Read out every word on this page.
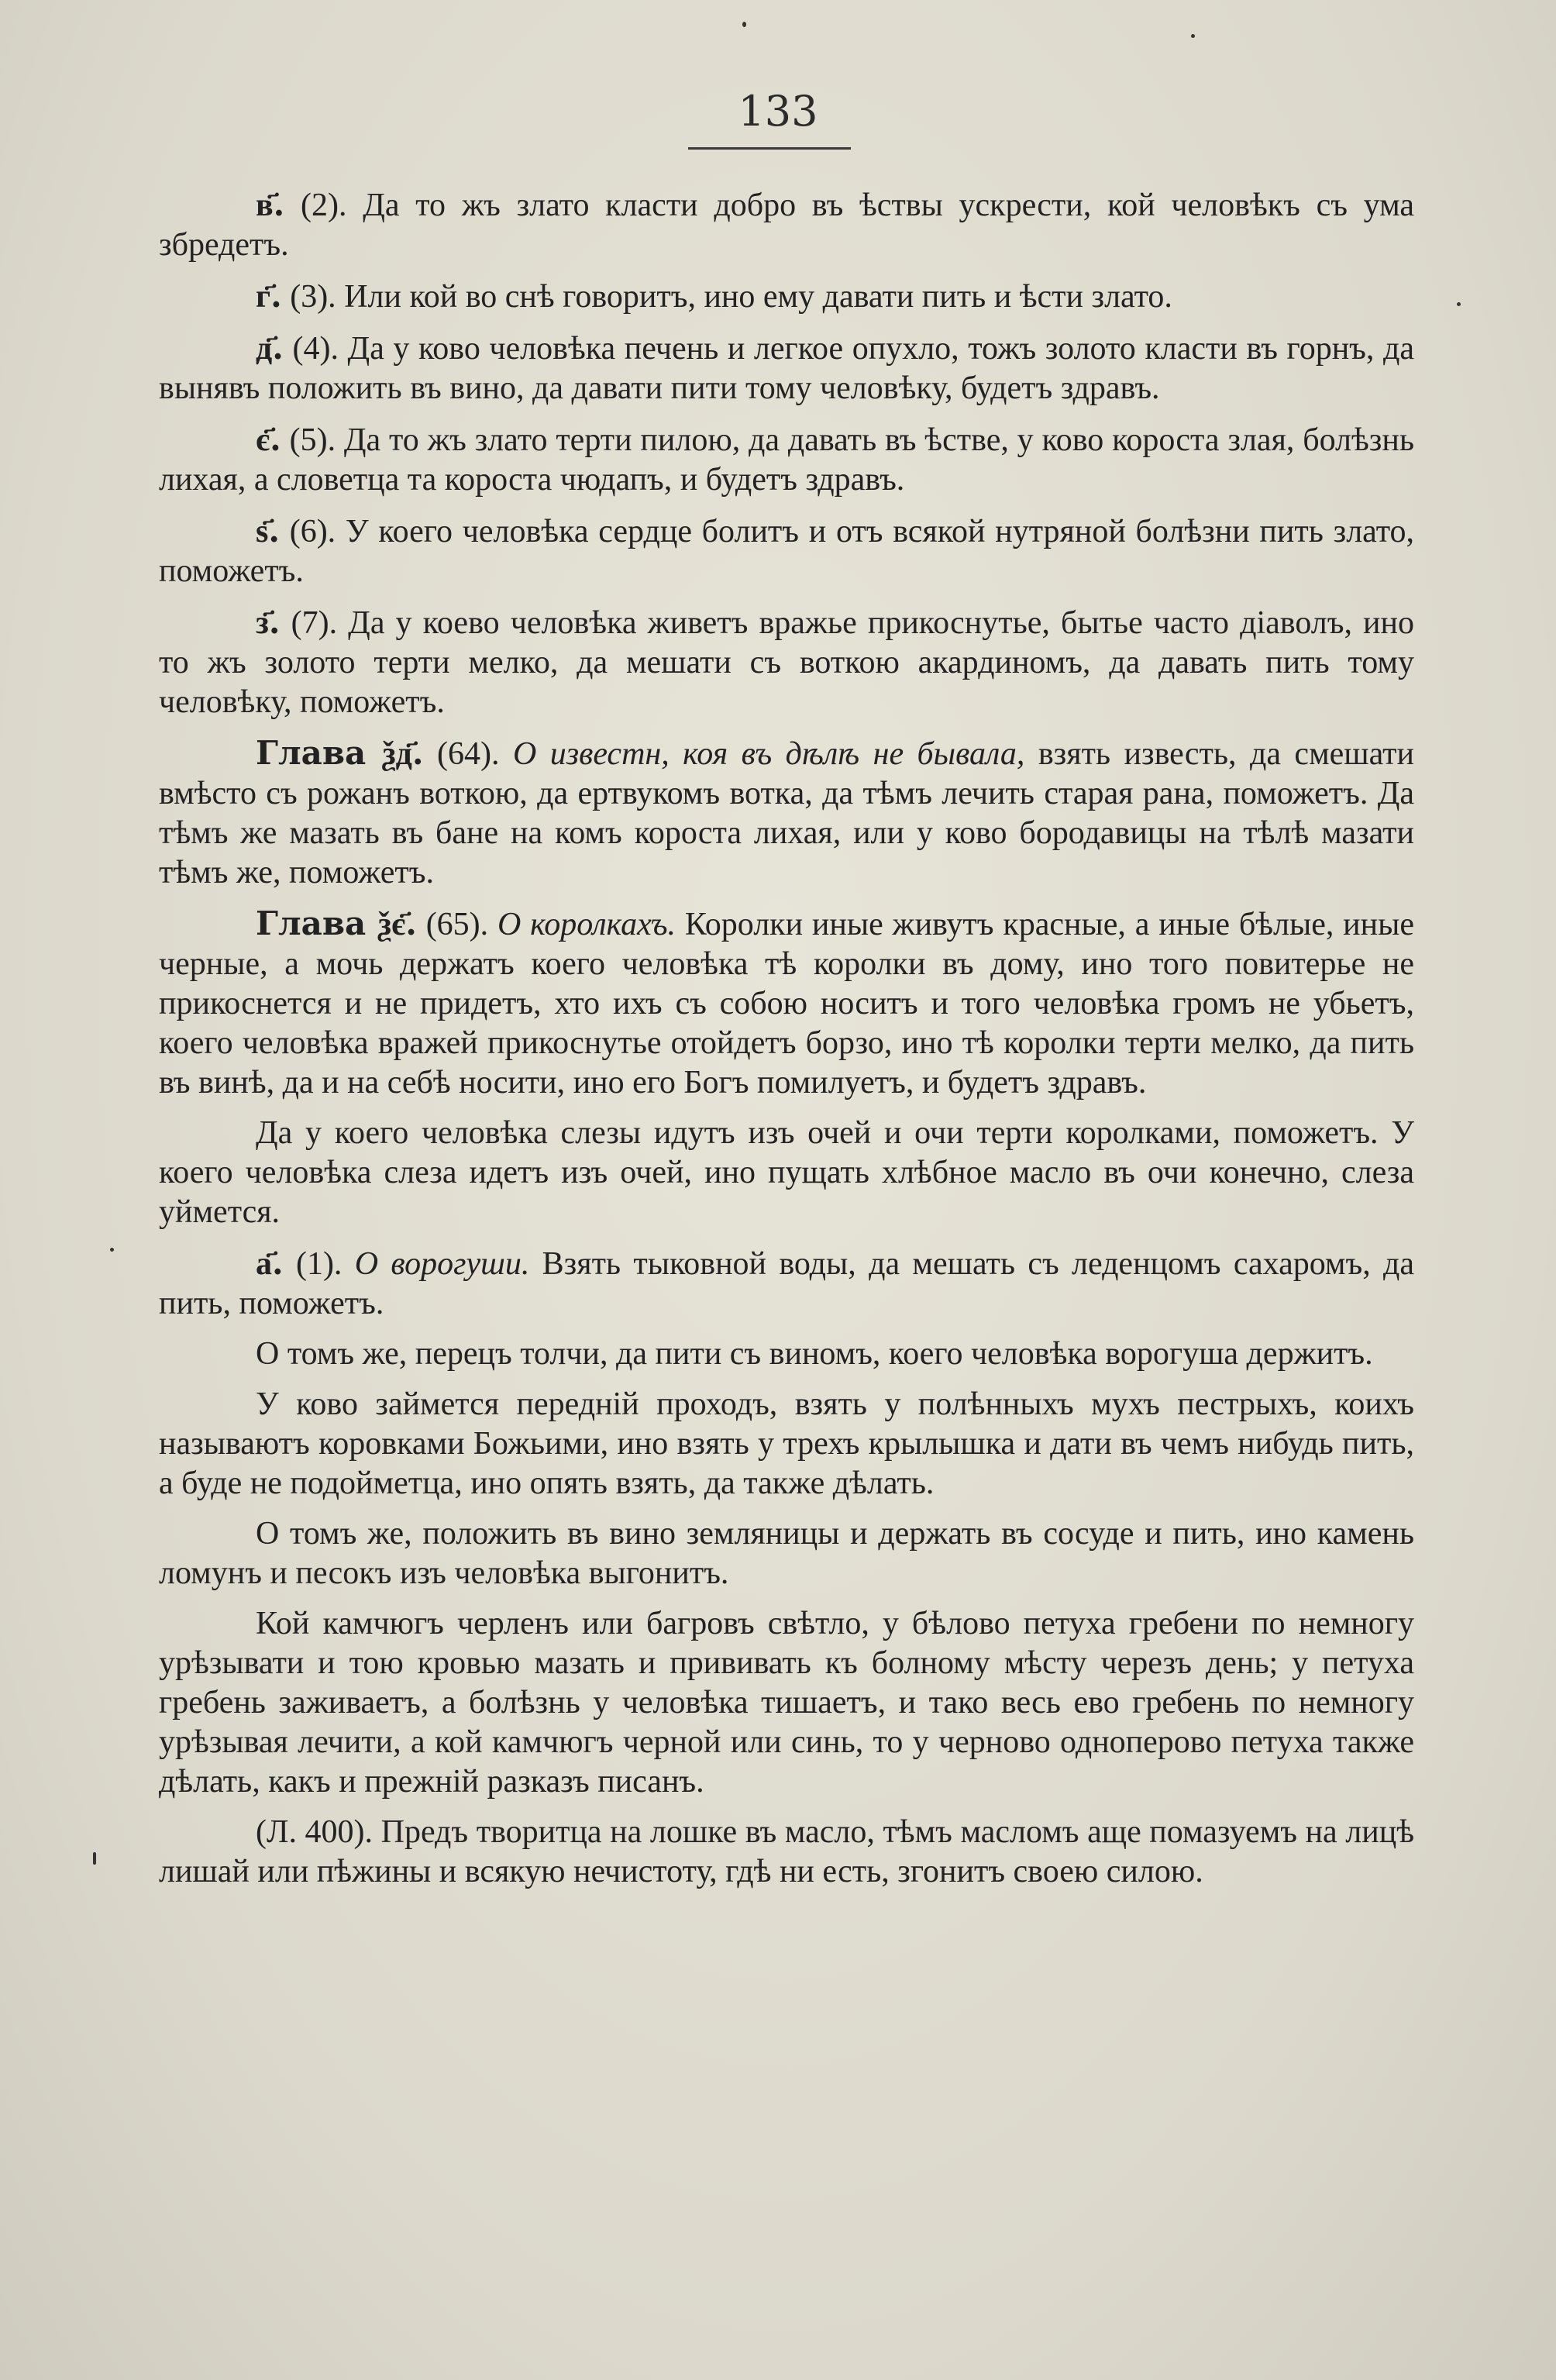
133

в҃. (2). Да то жъ злато класти добро въ ѣствы ускрести, кой человѣкъ съ ума збредетъ.

г҃. (3). Или кой во снѣ говоритъ, ино ему давати пить и ѣсти злато.

д҃. (4). Да у ково человѣка печень и легкое опухло, тожъ золото класти въ горнъ, да вынявъ положить въ вино, да давати пити тому человѣку, будетъ здравъ.

є҃. (5). Да то жъ злато терти пилою, да давать въ ѣстве, у ково короста злая, болѣзнь лихая, а словетца та короста чюдапъ, и будетъ здравъ.

ѕ҃. (6). У коего человѣка сердце болитъ и отъ всякой нутряной болѣзни пить злато, поможетъ.

з҃. (7). Да у коево человѣка живетъ вражье прикоснутье, бытье часто діаволъ, ино то жъ золото терти мелко, да мешати съ воткою акардиномъ, да давать пить тому человѣку, поможетъ.

Глава ѯд҃. (64). О известн, коя въ дѣлѣ не бывала, взять известь, да смешати вмѣсто съ рожанъ воткою, да ертвукомъ вотка, да тѣмъ лечить старая рана, поможетъ. Да тѣмъ же мазать въ бане на комъ короста лихая, или у ково бородавицы на тѣлѣ мазати тѣмъ же, поможетъ.

Глава ѯє҃. (65). О королкахъ. Королки иные живутъ красные, а иные бѣлые, иные черные, а мочь держатъ коего человѣка тѣ королки въ дому, ино того повитерье не прикоснется и не придетъ, хто ихъ съ собою носитъ и того человѣка громъ не убьетъ, коего человѣка вражей прикоснутье отойдетъ борзо, ино тѣ королки терти мелко, да пить въ винѣ, да и на себѣ носити, ино его Богъ помилуетъ, и будетъ здравъ.

Да у коего человѣка слезы идутъ изъ очей и очи терти королками, поможетъ. У коего человѣка слеза идетъ изъ очей, ино пущать хлѣбное масло въ очи конечно, слеза уймется.

а҃. (1). О ворогуши. Взять тыковной воды, да мешать съ леденцомъ сахаромъ, да пить, поможетъ.

О томъ же, перецъ толчи, да пити съ виномъ, коего человѣка ворогуша держитъ.

У ково займется передній проходъ, взять у полѣнныхъ мухъ пестрыхъ, коихъ называютъ коровками Божьими, ино взять у трехъ крылышка и дати въ чемъ нибудь пить, а буде не подойметца, ино опять взять, да также дѣлать.

О томъ же, положить въ вино земляницы и держать въ сосуде и пить, ино камень ломунъ и песокъ изъ человѣка выгонитъ.

Кой камчюгъ черленъ или багровъ свѣтло, у бѣлово петуха гребени по немногу урѣзывати и тою кровью мазать и прививать къ болному мѣсту черезъ день; у петуха гребень заживаетъ, а болѣзнь у человѣка тишаетъ, и тако весь ево гребень по немногу урѣзывая лечити, а кой камчюгъ черной или синь, то у черново одноперово петуха также дѣлать, какъ и прежній разказъ писанъ.

(Л. 400). Предъ творитца на лошке въ масло, тѣмъ масломъ аще помазуемъ на лицѣ лишай или пѣжины и всякую нечистоту, гдѣ ни есть, згонитъ своею силою.
